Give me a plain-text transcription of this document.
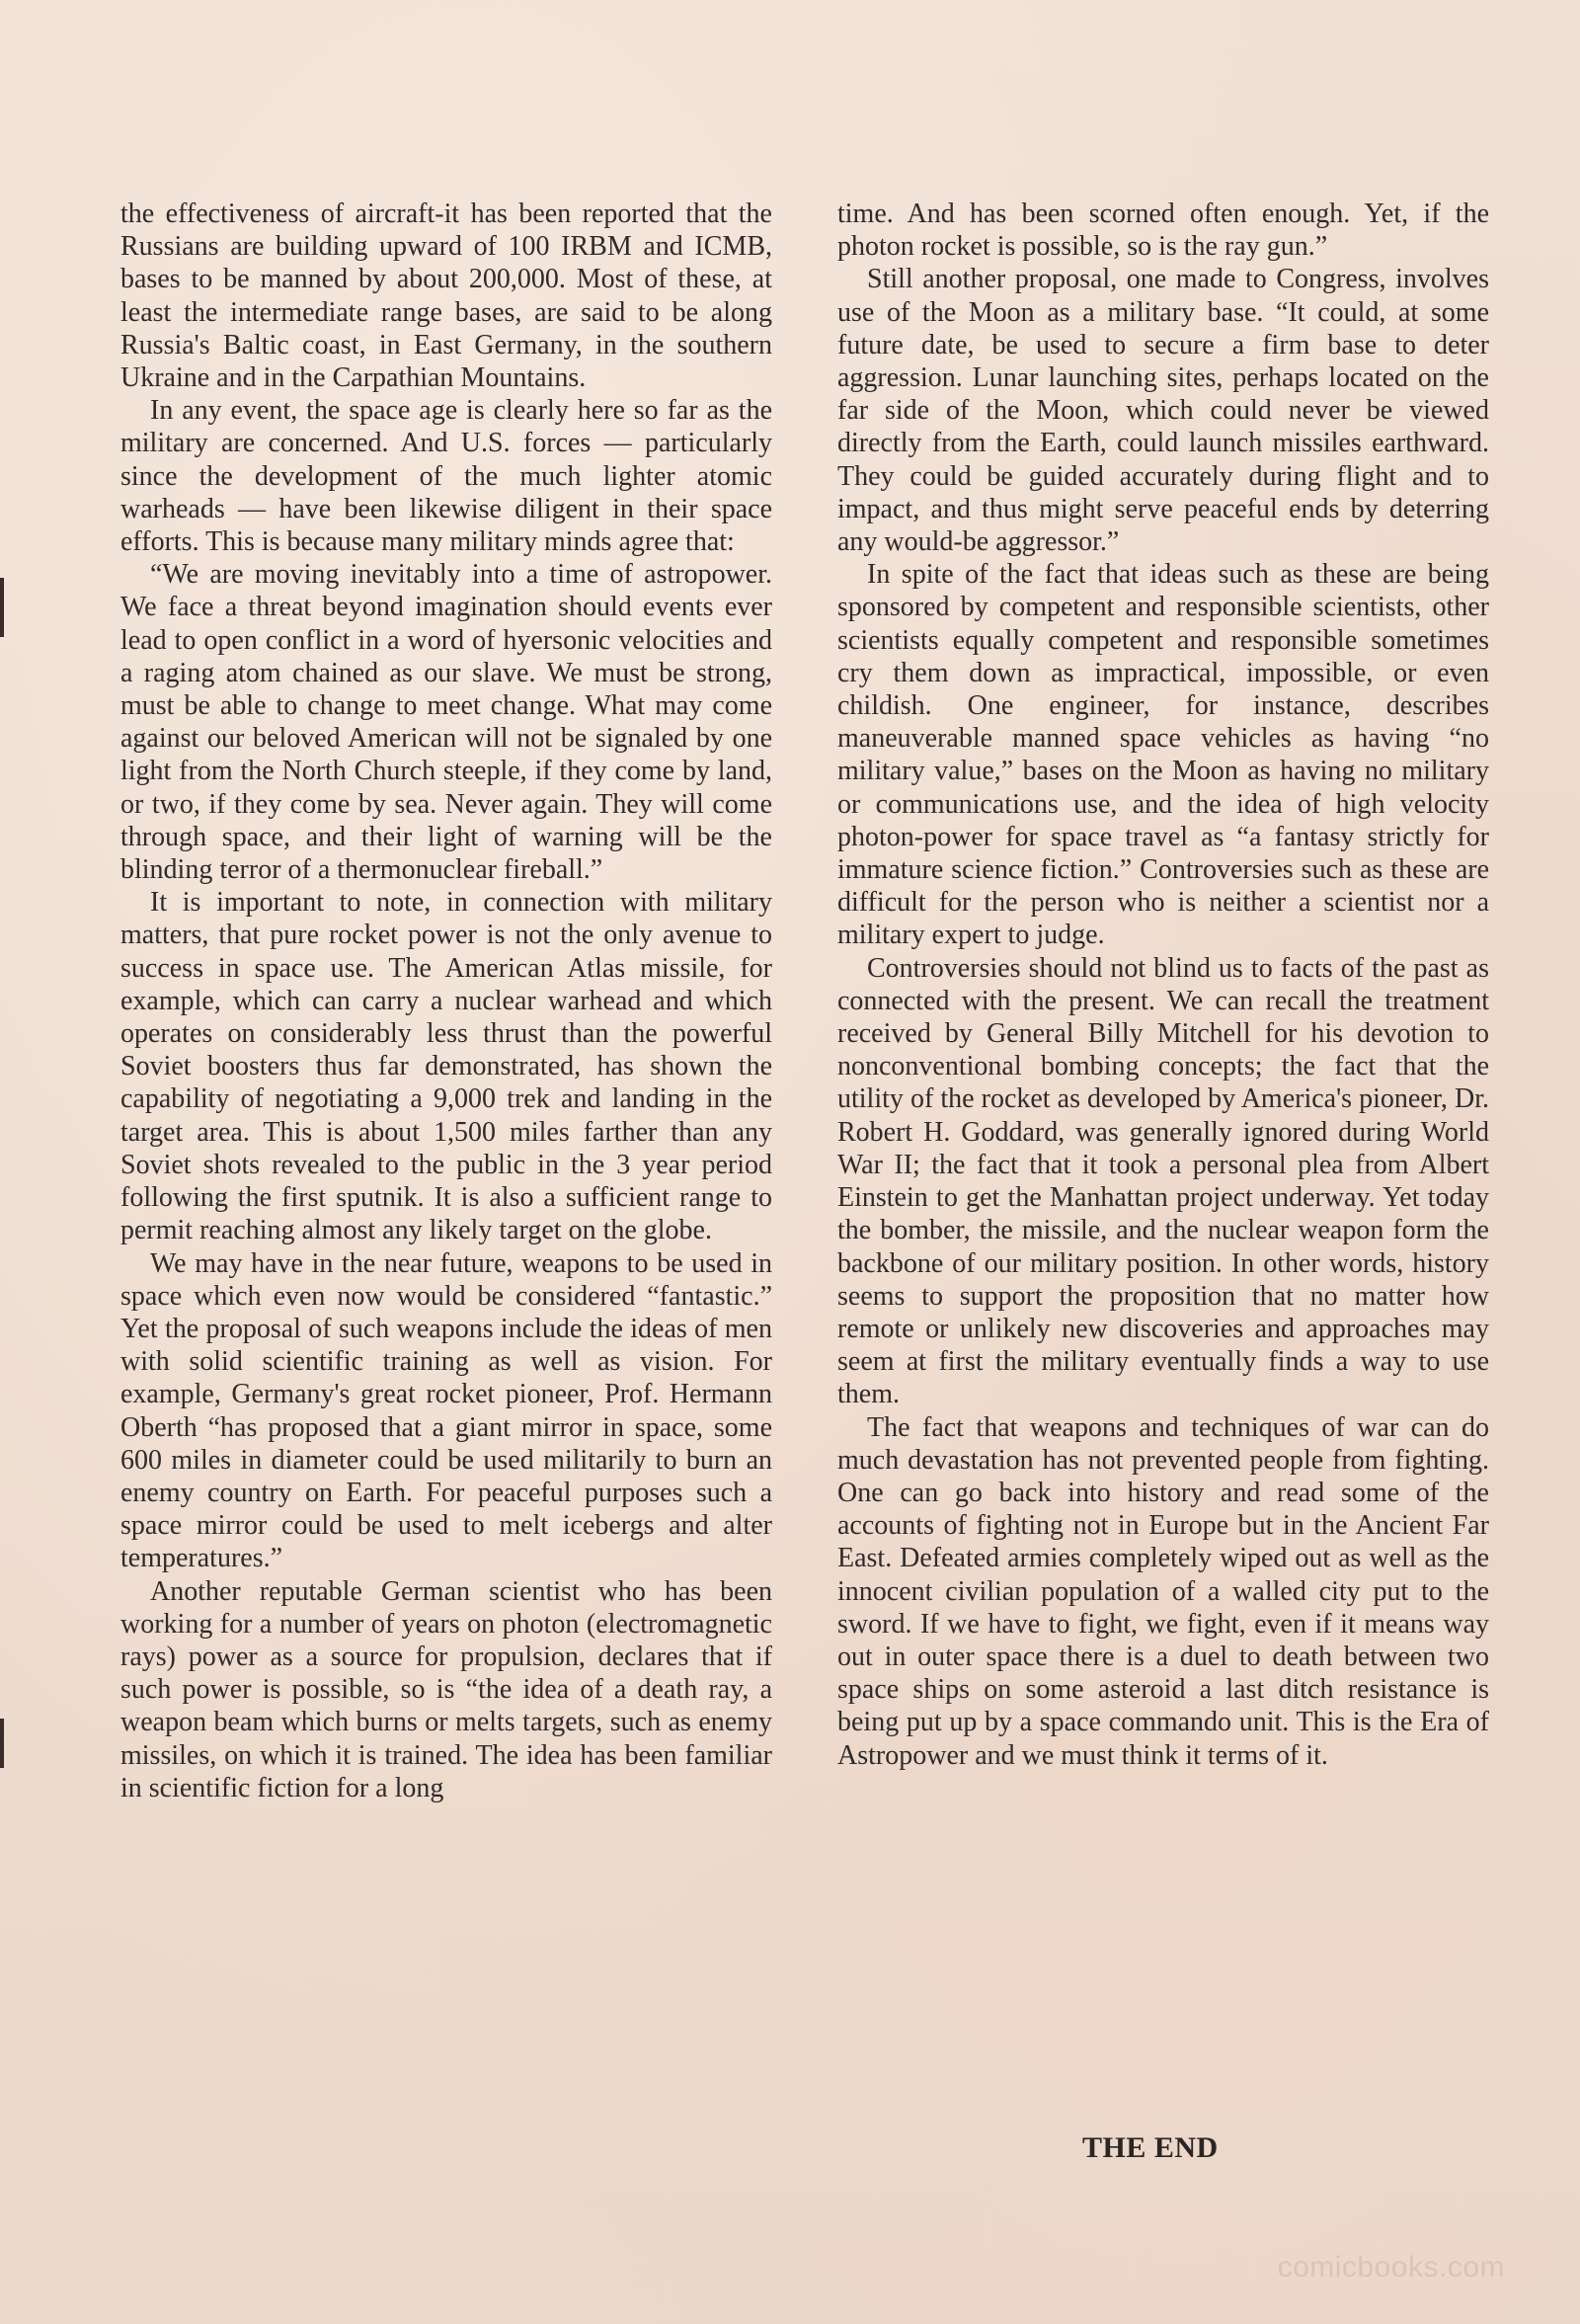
the effectiveness of aircraft-it has been reported that the Russians are building upward of 100 IRBM and ICMB, bases to be manned by about 200,000. Most of these, at least the intermediate range bases, are said to be along Russia's Baltic coast, in East Germany, in the southern Ukraine and in the Carpathian Mountains.

In any event, the space age is clearly here so far as the military are concerned. And U.S. forces — particularly since the development of the much lighter atomic warheads — have been likewise diligent in their space efforts. This is because many military minds agree that:

“We are moving inevitably into a time of astropower. We face a threat beyond imagination should events ever lead to open conflict in a word of hyersonic velocities and a raging atom chained as our slave. We must be strong, must be able to change to meet change. What may come against our beloved American will not be signaled by one light from the North Church steeple, if they come by land, or two, if they come by sea. Never again. They will come through space, and their light of warning will be the blinding terror of a thermonuclear fireball.”

It is important to note, in connection with military matters, that pure rocket power is not the only avenue to success in space use. The American Atlas missile, for example, which can carry a nuclear warhead and which operates on considerably less thrust than the powerful Soviet boosters thus far demonstrated, has shown the capability of negotiating a 9,000 trek and landing in the target area. This is about 1,500 miles farther than any Soviet shots revealed to the public in the 3 year period following the first sputnik. It is also a sufficient range to permit reaching almost any likely target on the globe.

We may have in the near future, weapons to be used in space which even now would be considered “fantastic.” Yet the proposal of such weapons include the ideas of men with solid scientific training as well as vision. For example, Germany's great rocket pioneer, Prof. Hermann Oberth “has proposed that a giant mirror in space, some 600 miles in diameter could be used militarily to burn an enemy country on Earth. For peaceful purposes such a space mirror could be used to melt icebergs and alter temperatures.”

Another reputable German scientist who has been working for a number of years on photon (electromagnetic rays) power as a source for propulsion, declares that if such power is possible, so is “the idea of a death ray, a weapon beam which burns or melts targets, such as enemy missiles, on which it is trained. The idea has been familiar in scientific fiction for a long

time. And has been scorned often enough. Yet, if the photon rocket is possible, so is the ray gun.”

Still another proposal, one made to Congress, involves use of the Moon as a military base. “It could, at some future date, be used to secure a firm base to deter aggression. Lunar launching sites, perhaps located on the far side of the Moon, which could never be viewed directly from the Earth, could launch missiles earthward. They could be guided accurately during flight and to impact, and thus might serve peaceful ends by deterring any would-be aggressor.”

In spite of the fact that ideas such as these are being sponsored by competent and responsible scientists, other scientists equally competent and responsible sometimes cry them down as impractical, impossible, or even childish. One engineer, for instance, describes maneuverable manned space vehicles as having “no military value,” bases on the Moon as having no military or communications use, and the idea of high velocity photon-power for space travel as “a fantasy strictly for immature science fiction.” Controversies such as these are difficult for the person who is neither a scientist nor a military expert to judge.

Controversies should not blind us to facts of the past as connected with the present. We can recall the treatment received by General Billy Mitchell for his devotion to nonconventional bombing concepts; the fact that the utility of the rocket as developed by America's pioneer, Dr. Robert H. Goddard, was generally ignored during World War II; the fact that it took a personal plea from Albert Einstein to get the Manhattan project underway. Yet today the bomber, the missile, and the nuclear weapon form the backbone of our military position. In other words, history seems to support the proposition that no matter how remote or unlikely new discoveries and approaches may seem at first the military eventually finds a way to use them.

The fact that weapons and techniques of war can do much devastation has not prevented people from fighting. One can go back into history and read some of the accounts of fighting not in Europe but in the Ancient Far East. Defeated armies completely wiped out as well as the innocent civilian population of a walled city put to the sword. If we have to fight, we fight, even if it means way out in outer space there is a duel to death between two space ships on some asteroid a last ditch resistance is being put up by a space commando unit. This is the Era of Astropower and we must think it terms of it.

THE END
comicbooks.com
